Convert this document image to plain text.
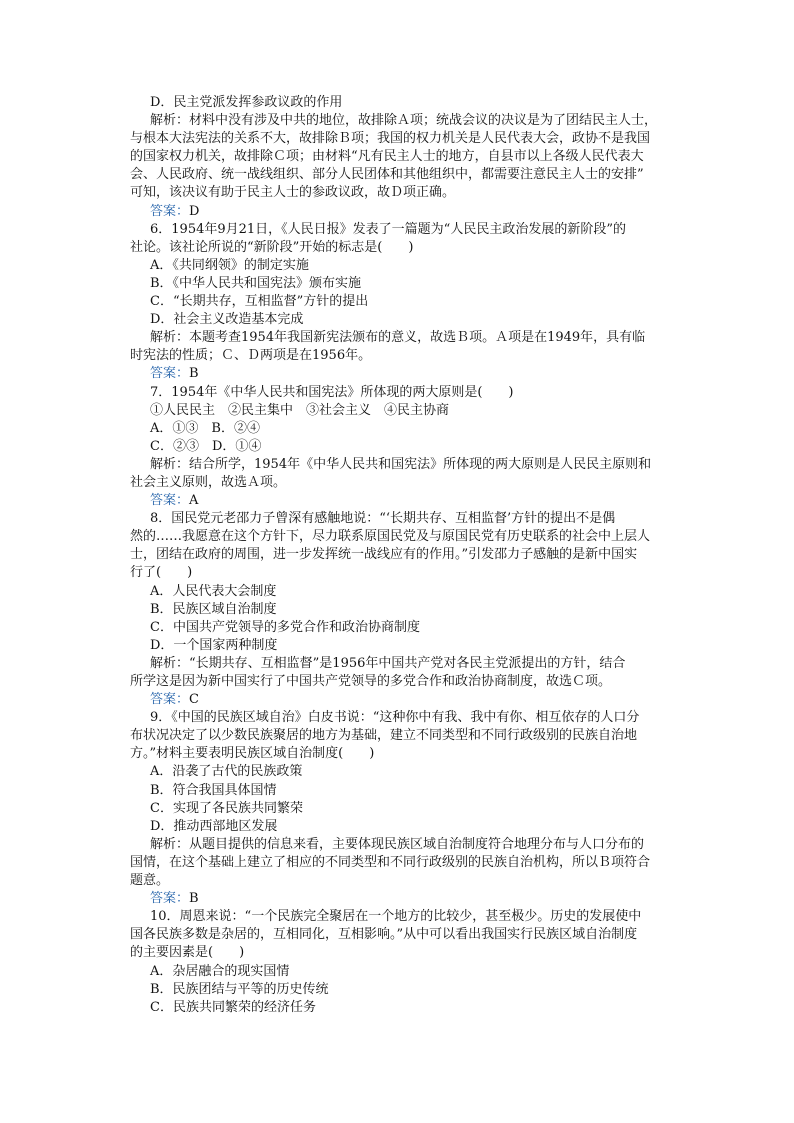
D．民主党派发挥参政议政的作用
解析：材料中没有涉及中共的地位，故排除Ａ项；统战会议的决议是为了团结民主人士，
与根本大法宪法的关系不大，故排除Ｂ项；我国的权力机关是人民代表大会，政协不是我国
的国家权力机关，故排除Ｃ项；由材料“凡有民主人士的地方，自县市以上各级人民代表大
会、人民政府、统一战线组织、部分人民团体和其他组织中，都需要注意民主人士的安排”
可知，该决议有助于民主人士的参政议政，故Ｄ项正确。
答案：D
6．1954年9月21日，《人民日报》发表了一篇题为“人民民主政治发展的新阶段”的
社论。该社论所说的“新阶段”开始的标志是(　　)
A．《共同纲领》的制定实施
B．《中华人民共和国宪法》颁布实施
C．“长期共存，互相监督”方针的提出
D．社会主义改造基本完成
解析：本题考查1954年我国新宪法颁布的意义，故选Ｂ项。Ａ项是在1949年，具有临
时宪法的性质；Ｃ、Ｄ两项是在1956年。
答案：B
7．1954年《中华人民共和国宪法》所体现的两大原则是(　　)
①人民民主　②民主集中　③社会主义　④民主协商
A．①③　B．②④
C．②③　D．①④
解析：结合所学，1954年《中华人民共和国宪法》所体现的两大原则是人民民主原则和
社会主义原则，故选Ａ项。
答案：A
8．国民党元老邵力子曾深有感触地说：“‘长期共存、互相监督’方针的提出不是偶
然的……我愿意在这个方针下，尽力联系原国民党及与原国民党有历史联系的社会中上层人
士，团结在政府的周围，进一步发挥统一战线应有的作用。”引发邵力子感触的是新中国实
行了(　　)
A．人民代表大会制度
B．民族区域自治制度
C．中国共产党领导的多党合作和政治协商制度
D．一个国家两种制度
解析：“长期共存、互相监督”是1956年中国共产党对各民主党派提出的方针，结合
所学这是因为新中国实行了中国共产党领导的多党合作和政治协商制度，故选Ｃ项。
答案：C
9．《中国的民族区域自治》白皮书说：“这种你中有我、我中有你、相互依存的人口分
布状况决定了以少数民族聚居的地方为基础，建立不同类型和不同行政级别的民族自治地
方。”材料主要表明民族区域自治制度(　　)
A．沿袭了古代的民族政策
B．符合我国具体国情
C．实现了各民族共同繁荣
D．推动西部地区发展
解析：从题目提供的信息来看，主要体现民族区域自治制度符合地理分布与人口分布的
国情，在这个基础上建立了相应的不同类型和不同行政级别的民族自治机构，所以Ｂ项符合
题意。
答案：B
10．周恩来说：“一个民族完全聚居在一个地方的比较少，甚至极少。历史的发展使中
国各民族多数是杂居的，互相同化，互相影响。”从中可以看出我国实行民族区域自治制度
的主要因素是(　　)
A．杂居融合的现实国情
B．民族团结与平等的历史传统
C．民族共同繁荣的经济任务
